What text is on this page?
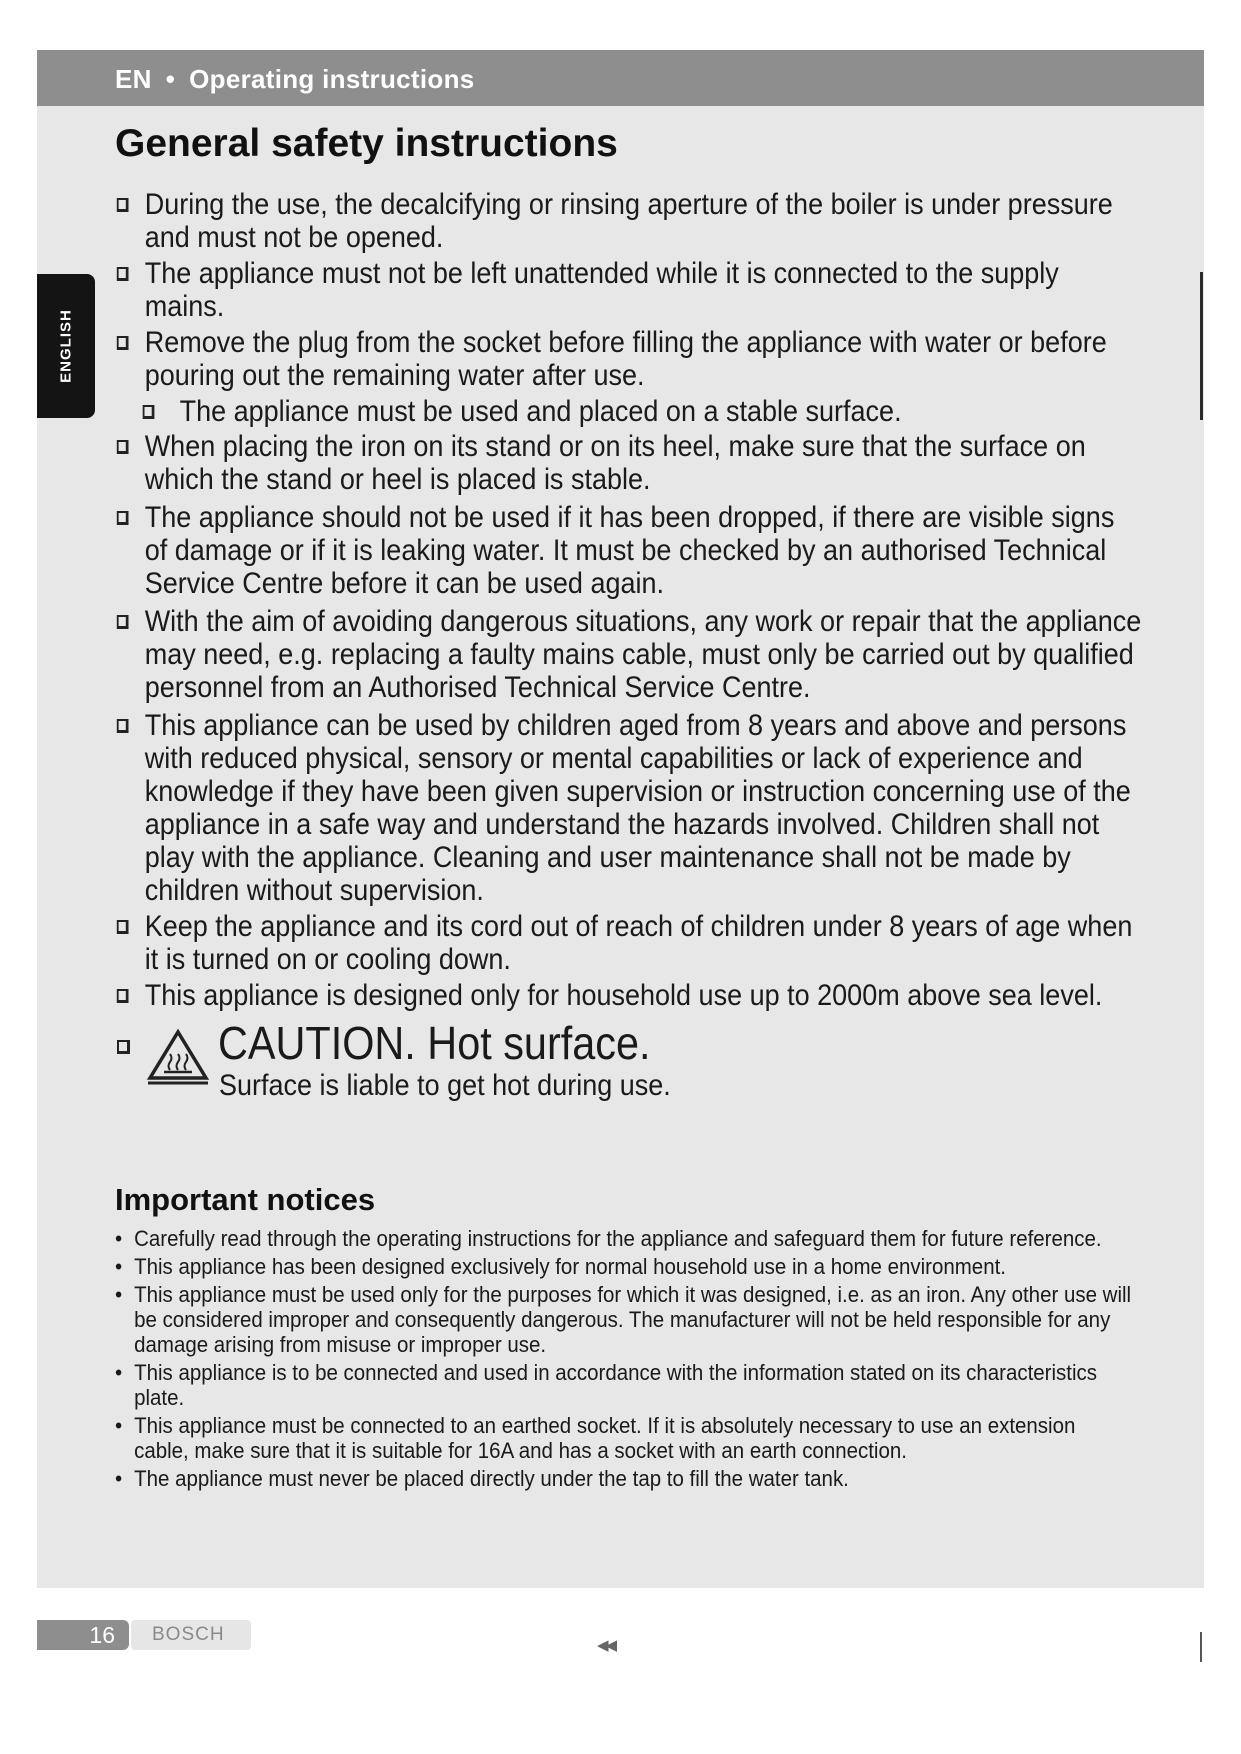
EN • Operating instructions
ENGLISH
General safety instructions
During the use, the decalcifying or rinsing aperture of the boiler is under pressure and must not be opened.
The appliance must not be left unattended while it is connected to the supply mains.
Remove the plug from the socket before filling the appliance with water or before pouring out the remaining water after use.
The appliance must be used and placed on a stable surface.
When placing the iron on its stand or on its heel, make sure that the surface on which the stand or heel is placed is stable.
The appliance should not be used if it has been dropped, if there are visible signs of damage or if it is leaking water. It must be checked by an authorised Technical Service Centre before it can be used again.
With the aim of avoiding dangerous situations, any work or repair that the appliance may need, e.g. replacing a faulty mains cable, must only be carried out by qualified personnel from an Authorised Technical Service Centre.
This appliance can be used by children aged from 8 years and above and persons with reduced physical, sensory or mental capabilities or lack of experience and knowledge if they have been given supervision or instruction concerning use of the appliance in a safe way and understand the hazards involved. Children shall not play with the appliance. Cleaning and user maintenance shall not be made by children without supervision.
Keep the appliance and its cord out of reach of children under 8 years of age when it is turned on or cooling down.
This appliance is designed only for household use up to 2000m above sea level.
CAUTION. Hot surface.
Surface is liable to get hot during use.
Important notices
• Carefully read through the operating instructions for the appliance and safeguard them for future reference.
• This appliance has been designed exclusively for normal household use in a home environment.
• This appliance must be used only for the purposes for which it was designed, i.e. as an iron. Any other use will be considered improper and consequently dangerous. The manufacturer will not be held responsible for any damage arising from misuse or improper use.
• This appliance is to be connected and used in accordance with the information stated on its characteristics plate.
• This appliance must be connected to an earthed socket. If it is absolutely necessary to use an extension cable, make sure that it is suitable for 16A and has a socket with an earth connection.
• The appliance must never be placed directly under the tap to fill the water tank.
16	BOSCH
◀◀
